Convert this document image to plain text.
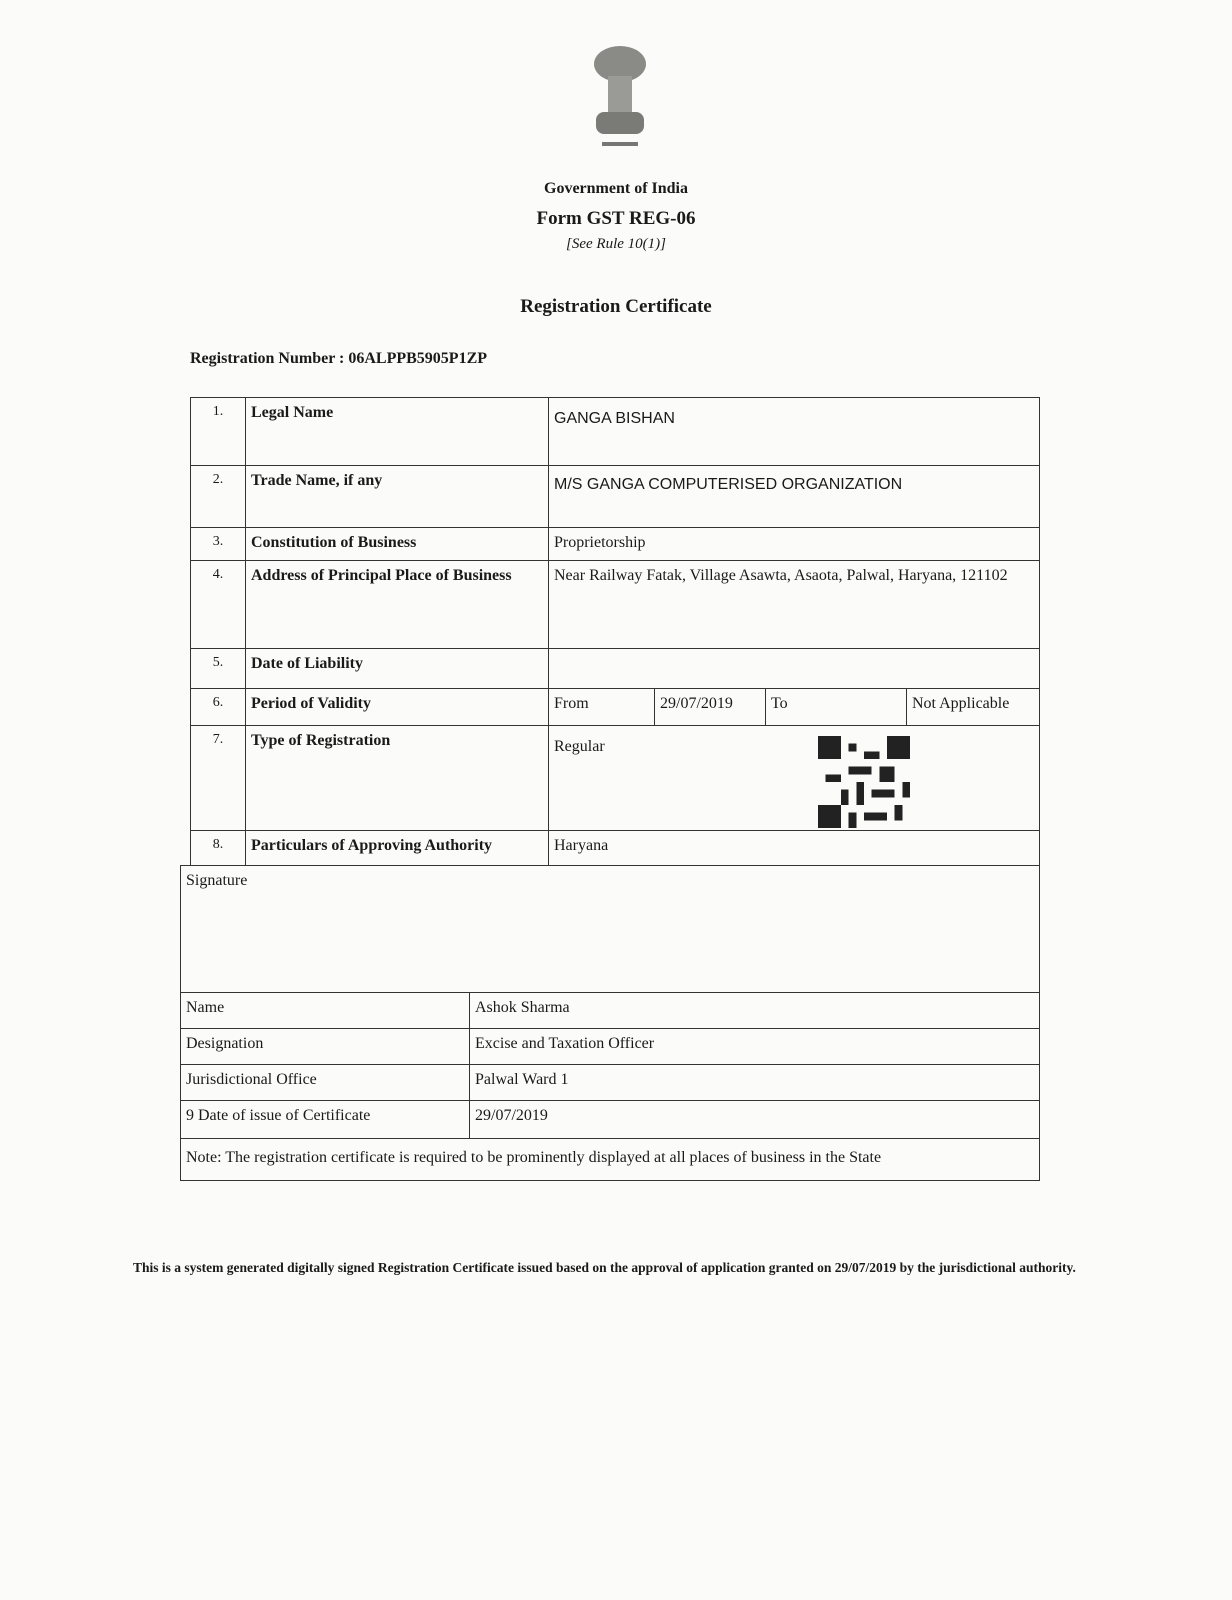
Government of India
Form GST REG-06
[See Rule 10(1)]
Registration Certificate
Registration Number : 06ALPPB5905P1ZP
1.	Legal Name	GANGA BISHAN			
2.	Trade Name, if any	M/S GANGA COMPUTERISED ORGANIZATION			
3.	Constitution of Business	Proprietorship			
4.	Address of Principal Place of Business	Near Railway Fatak, Village Asawta, Asaota, Palwal, Haryana, 121102			
5.	Date of Liability				
6.	Period of Validity	From	29/07/2019	To	Not Applicable
7.	Type of Registration	Regular			
8.	Particulars of Approving Authority	Haryana			
Signature	
Name	Ashok Sharma
Designation	Excise and Taxation Officer
Jurisdictional Office	Palwal Ward 1
9 Date of issue of Certificate	29/07/2019
Note: The registration certificate is required to be prominently displayed at all places of business in the State	
This is a system generated digitally signed Registration Certificate issued based on the approval of application granted on 29/07/2019 by the jurisdictional authority.
